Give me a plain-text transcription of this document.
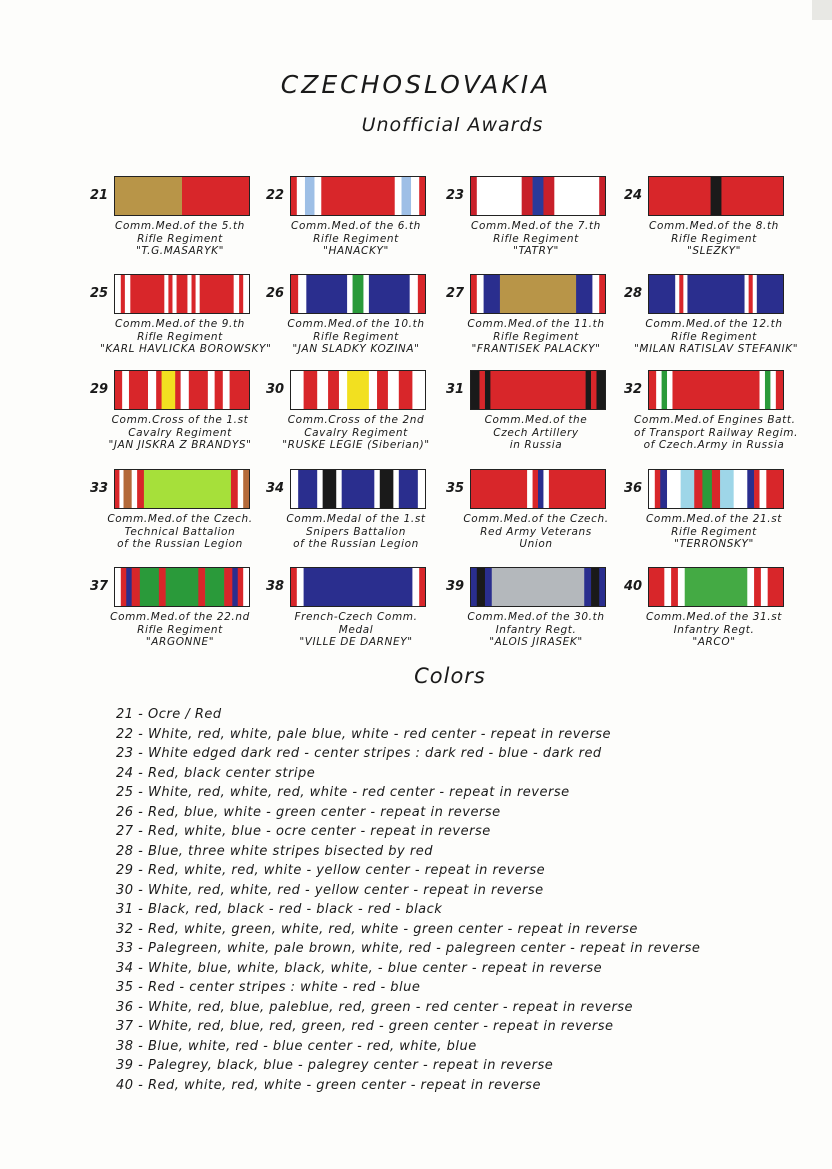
CZECHOSLOVAKIA
Unofficial Awards
21
Comm.Med.of the 5.th
Rifle Regiment
"T.G.MASARYK"
22
Comm.Med.of the 6.th
Rifle Regiment
"HANACKY"
23
Comm.Med.of the 7.th
Rifle Regiment
"TATRY"
24
Comm.Med.of the 8.th
Rifle Regiment
"SLEZKY"
25
Comm.Med.of the 9.th
Rifle Regiment
"KARL HAVLICKA BOROWSKY"
26
Comm.Med.of the 10.th
Rifle Regiment
"JAN SLADKY KOZINA"
27
Comm.Med.of the 11.th
Rifle Regiment
"FRANTISEK PALACKY"
28
Comm.Med.of the 12.th
Rifle Regiment
"MILAN RATISLAV STEFANIK"
29
Comm.Cross of the 1.st
Cavalry Regiment
"JAN JISKRA Z BRANDYS"
30
Comm.Cross of the 2nd
Cavalry Regiment
"RUSKE LEGIE (Siberian)"
31
Comm.Med.of the
Czech Artillery
in Russia
32
Comm.Med.of Engines Batt.
of Transport Railway Regim.
of Czech.Army in Russia
33
Comm.Med.of the Czech.
Technical Battalion
of the Russian Legion
34
Comm.Medal of the 1.st
Snipers Battalion
of the Russian Legion
35
Comm.Med.of the Czech.
Red Army Veterans
Union
36
Comm.Med.of the 21.st
Rifle Regiment
"TERRONSKY"
37
Comm.Med.of the 22.nd
Rifle Regiment
"ARGONNE"
38
French-Czech Comm.
Medal
"VILLE DE DARNEY"
39
Comm.Med.of the 30.th
Infantry Regt.
"ALOIS JIRASEK"
40
Comm.Med.of the 31.st
Infantry Regt.
"ARCO"
Colors
21 - Ocre / Red
22 - White, red, white, pale blue, white - red center - repeat in reverse
23 - White edged dark red - center stripes : dark red - blue - dark red
24 - Red, black center stripe
25 - White, red, white, red, white - red center - repeat in reverse
26 - Red, blue, white - green center - repeat in reverse
27 - Red, white, blue - ocre center - repeat in reverse
28 - Blue, three white stripes bisected by red
29 - Red, white, red, white - yellow center - repeat in reverse
30 - White, red, white, red - yellow center - repeat in reverse
31 - Black, red, black - red - black - red - black
32 - Red, white, green, white, red, white - green center - repeat in reverse
33 - Palegreen, white, pale brown, white, red - palegreen center - repeat in reverse
34 - White, blue, white, black, white, - blue center - repeat in reverse
35 - Red - center stripes : white - red - blue
36 - White, red, blue, paleblue, red, green - red center - repeat in reverse
37 - White, red, blue, red, green, red - green center - repeat in reverse
38 - Blue, white, red - blue center - red, white, blue
39 - Palegrey, black, blue - palegrey center - repeat in reverse
40 - Red, white, red, white - green center - repeat in reverse
